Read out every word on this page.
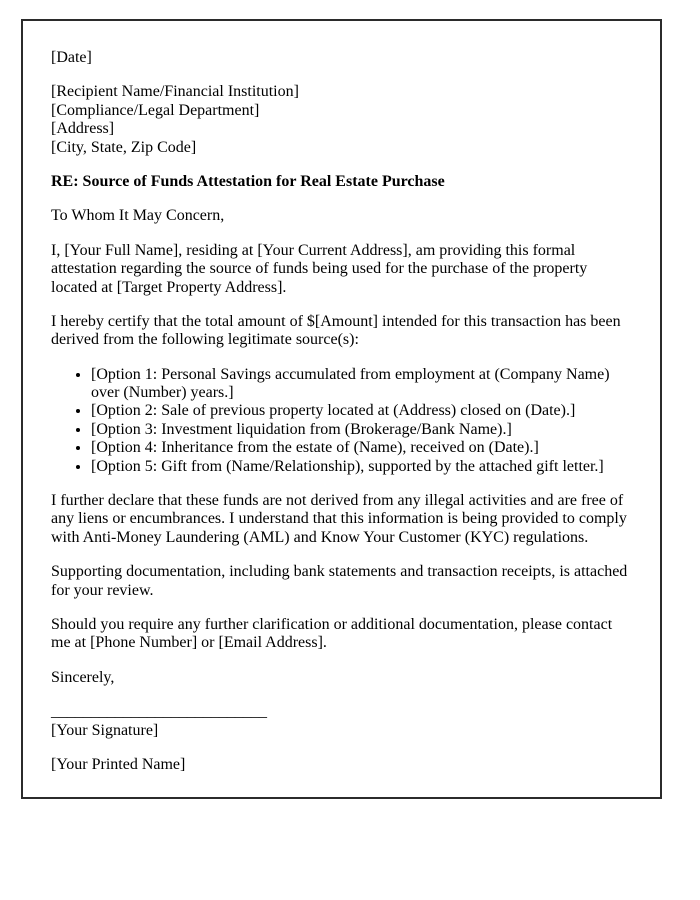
[Date]

[Recipient Name/Financial Institution]
[Compliance/Legal Department]
[Address]
[City, State, Zip Code]

RE: Source of Funds Attestation for Real Estate Purchase

To Whom It May Concern,

I, [Your Full Name], residing at [Your Current Address], am providing this formal attestation regarding the source of funds being used for the purchase of the property located at [Target Property Address].

I hereby certify that the total amount of $[Amount] intended for this transaction has been derived from the following legitimate source(s):

• [Option 1: Personal Savings accumulated from employment at (Company Name) over (Number) years.]
• [Option 2: Sale of previous property located at (Address) closed on (Date).]
• [Option 3: Investment liquidation from (Brokerage/Bank Name).]
• [Option 4: Inheritance from the estate of (Name), received on (Date).]
• [Option 5: Gift from (Name/Relationship), supported by the attached gift letter.]

I further declare that these funds are not derived from any illegal activities and are free of any liens or encumbrances. I understand that this information is being provided to comply with Anti-Money Laundering (AML) and Know Your Customer (KYC) regulations.

Supporting documentation, including bank statements and transaction receipts, is attached for your review.

Should you require any further clarification or additional documentation, please contact me at [Phone Number] or [Email Address].

Sincerely,

___________________________
[Your Signature]

[Your Printed Name]
